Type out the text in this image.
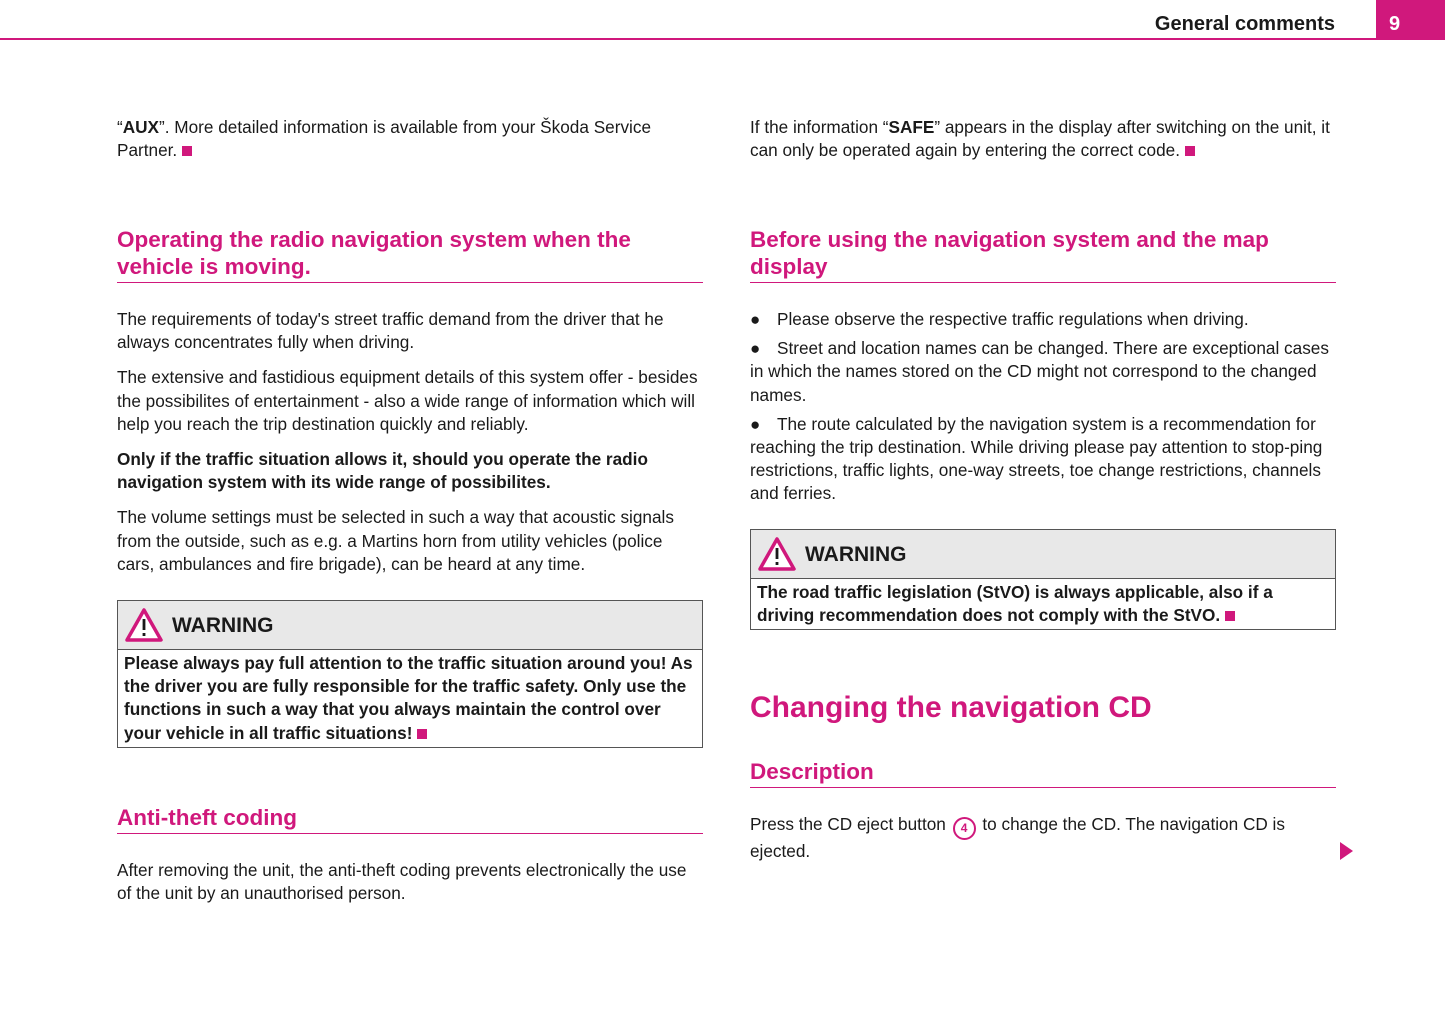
General comments	9

“AUX”. More detailed information is available from your Škoda Service Partner.

Operating the radio navigation system when the vehicle is moving.

The requirements of today's street traffic demand from the driver that he always concentrates fully when driving.

The extensive and fastidious equipment details of this system offer - besides the possibilites of entertainment - also a wide range of information which will help you reach the trip destination quickly and reliably.

Only if the traffic situation allows it, should you operate the radio navigation system with its wide range of possibilites.

The volume settings must be selected in such a way that acoustic signals from the outside, such as e.g. a Martins horn from utility vehicles (police cars, ambulances and fire brigade), can be heard at any time.

WARNING
Please always pay full attention to the traffic situation around you! As the driver you are fully responsible for the traffic safety. Only use the functions in such a way that you always maintain the control over your vehicle in all traffic situations!
Anti-theft coding

After removing the unit, the anti-theft coding prevents electronically the use of the unit by an unauthorised person.

If the information “SAFE” appears in the display after switching on the unit, it can only be operated again by entering the correct code.

Before using the navigation system and the map display

● Please observe the respective traffic regulations when driving.

● Street and location names can be changed. There are exceptional cases in which the names stored on the CD might not correspond to the changed names.

● The route calculated by the navigation system is a recommendation for reaching the trip destination. While driving please pay attention to stop-ping restrictions, traffic lights, one-way streets, toe change restrictions, channels and ferries.

WARNING
The road traffic legislation (StVO) is always applicable, also if a driving recommendation does not comply with the StVO.
Changing the navigation CD
Description

Press the CD eject button 4 to change the CD. The navigation CD is ejected.
